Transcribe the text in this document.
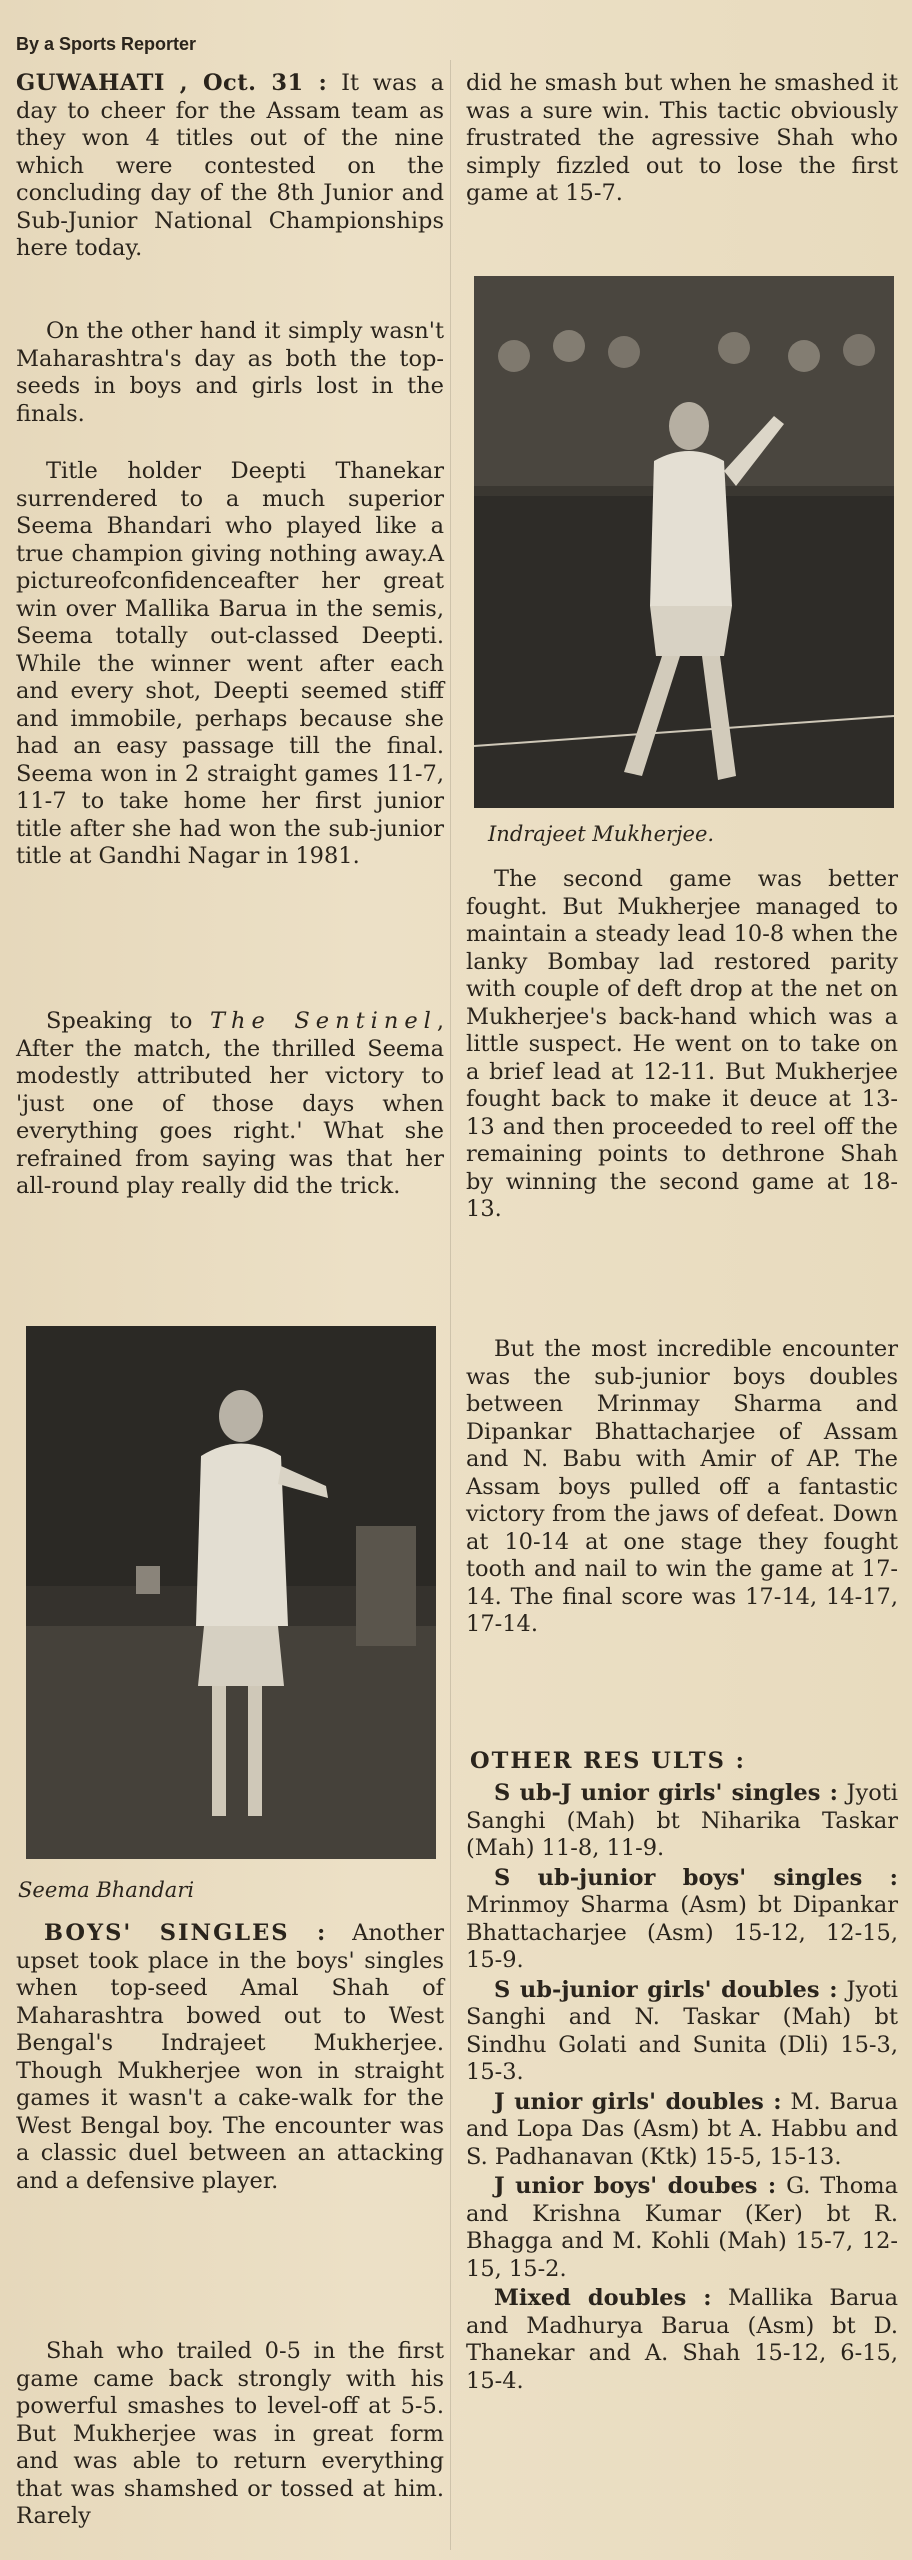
By a Sports Reporter

GUWAHATI , Oct. 31 : It was a day to cheer for the Assam team as they won 4 titles out of the nine which were contested on the concluding day of the 8th Junior and Sub-Junior National Championships here today.

On the other hand it simply wasn't Maharashtra's day as both the top-seeds in boys and girls lost in the finals.

Title holder Deepti Thanekar surrendered to a much superior Seema Bhandari who played like a true champion giving nothing away.A pictureofconfidenceafter her great win over Mallika Barua in the semis, Seema totally out-classed Deepti. While the winner went after each and every shot, Deepti seemed stiff and immobile, perhaps because she had an easy passage till the final. Seema won in 2 straight games 11-7, 11-7 to take home her first junior title after she had won the sub-junior title at Gandhi Nagar in 1981.

Speaking to The Sentinel, After the match, the thrilled Seema modestly attributed her victory to 'just one of those days when everything goes right.' What she refrained from saying was that her all-round play really did the trick.

Seema Bhandari

BOYS' SINGLES : Another upset took place in the boys' singles when top-seed Amal Shah of Maharashtra bowed out to West Bengal's Indrajeet Mukherjee. Though Mukherjee won in straight games it wasn't a cake-walk for the West Bengal boy. The encounter was a classic duel between an attacking and a defensive player.

Shah who trailed 0-5 in the first game came back strongly with his powerful smashes to level-off at 5-5. But Mukherjee was in great form and was able to return everything that was shamshed or tossed at him. Rarely

did he smash but when he smashed it was a sure win. This tactic obviously frustrated the agressive Shah who simply fizzled out to lose the first game at 15-7.

Indrajeet Mukherjee.

The second game was better fought. But Mukherjee managed to maintain a steady lead 10-8 when the lanky Bombay lad restored parity with couple of deft drop at the net on Mukherjee's back-hand which was a little suspect. He went on to take on a brief lead at 12-11. But Mukherjee fought back to make it deuce at 13-13 and then proceeded to reel off the remaining points to dethrone Shah by winning the second game at 18-13.

But the most incredible encounter was the sub-junior boys doubles between Mrinmay Sharma and Dipankar Bhattacharjee of Assam and N. Babu with Amir of AP. The Assam boys pulled off a fantastic victory from the jaws of defeat. Down at 10-14 at one stage they fought tooth and nail to win the game at 17-14. The final score was 17-14, 14-17, 17-14.

OTHER RES ULTS :

S ub-J unior girls' singles : Jyoti Sanghi (Mah) bt Niharika Taskar (Mah) 11-8, 11-9.

S ub-junior boys' singles : Mrinmoy Sharma (Asm) bt Dipankar Bhattacharjee (Asm) 15-12, 12-15, 15-9.

S ub-junior girls' doubles : Jyoti Sanghi and N. Taskar (Mah) bt Sindhu Golati and Sunita (Dli) 15-3, 15-3.

J unior girls' doubles : M. Barua and Lopa Das (Asm) bt A. Habbu and S. Padhanavan (Ktk) 15-5, 15-13.

J unior boys' doubes : G. Thoma and Krishna Kumar (Ker) bt R. Bhagga and M. Kohli (Mah) 15-7, 12-15, 15-2.

Mixed doubles : Mallika Barua and Madhurya Barua (Asm) bt D. Thanekar and A. Shah 15-12, 6-15, 15-4.
